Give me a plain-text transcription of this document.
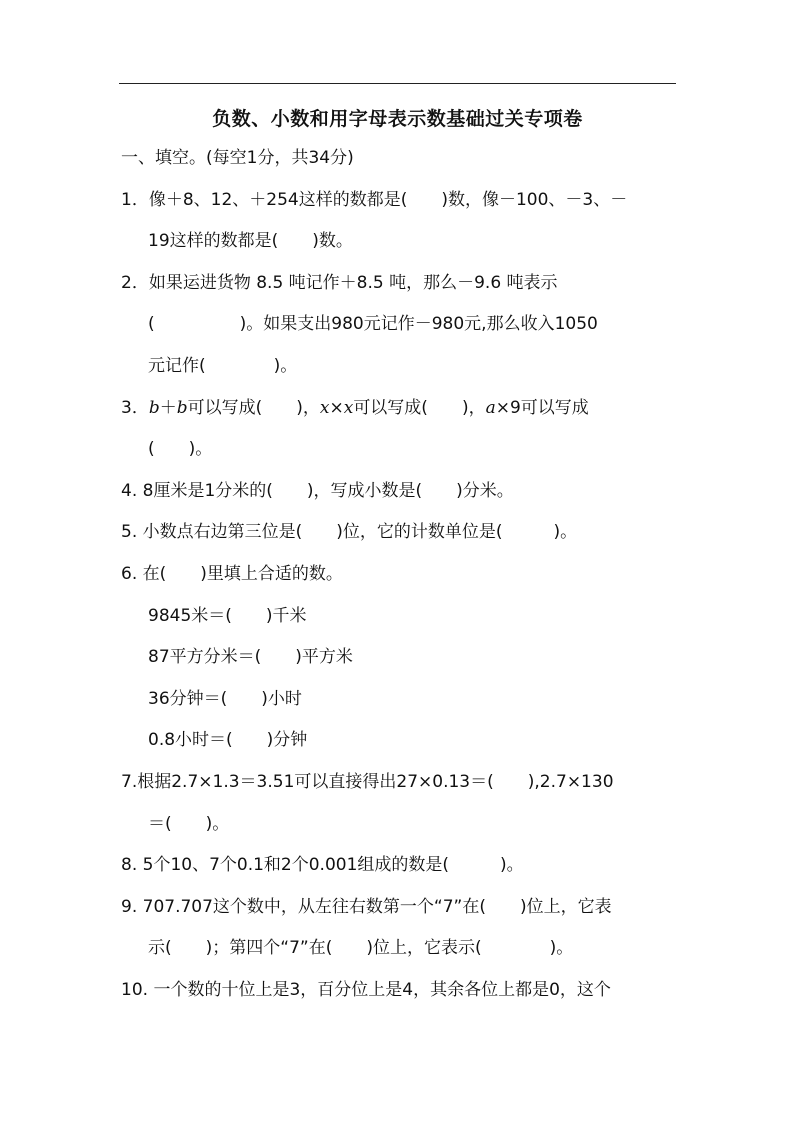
负数、小数和用字母表示数基础过关专项卷
一、填空。(每空1分，共34分)
1．像＋8、12、＋254这样的数都是(　　)数，像－100、－3、－
19这样的数都是(　　)数。
2．如果运进货物 8.5 吨记作＋8.5 吨，那么－9.6 吨表示
(　　　　　)。如果支出980元记作－980元,那么收入1050
元记作(　　　　)。
3．b＋b可以写成(　　)，x×x可以写成(　　)，a×9可以写成
(　　)。
4. 8厘米是1分米的(　　)，写成小数是(　　)分米。
5. 小数点右边第三位是(　　)位，它的计数单位是(　　　)。
6. 在(　　)里填上合适的数。
9845米＝(　　)千米
87平方分米＝(　　)平方米
36分钟＝(　　)小时
0.8小时＝(　　)分钟
7.根据2.7×1.3＝3.51可以直接得出27×0.13＝(　　),2.7×130
＝(　　)。
8. 5个10、7个0.1和2个0.001组成的数是(　　　)。
9. 707.707这个数中，从左往右数第一个“7”在(　　)位上，它表
示(　　)；第四个“7”在(　　)位上，它表示(　　　　)。
10. 一个数的十位上是3，百分位上是4，其余各位上都是0，这个
